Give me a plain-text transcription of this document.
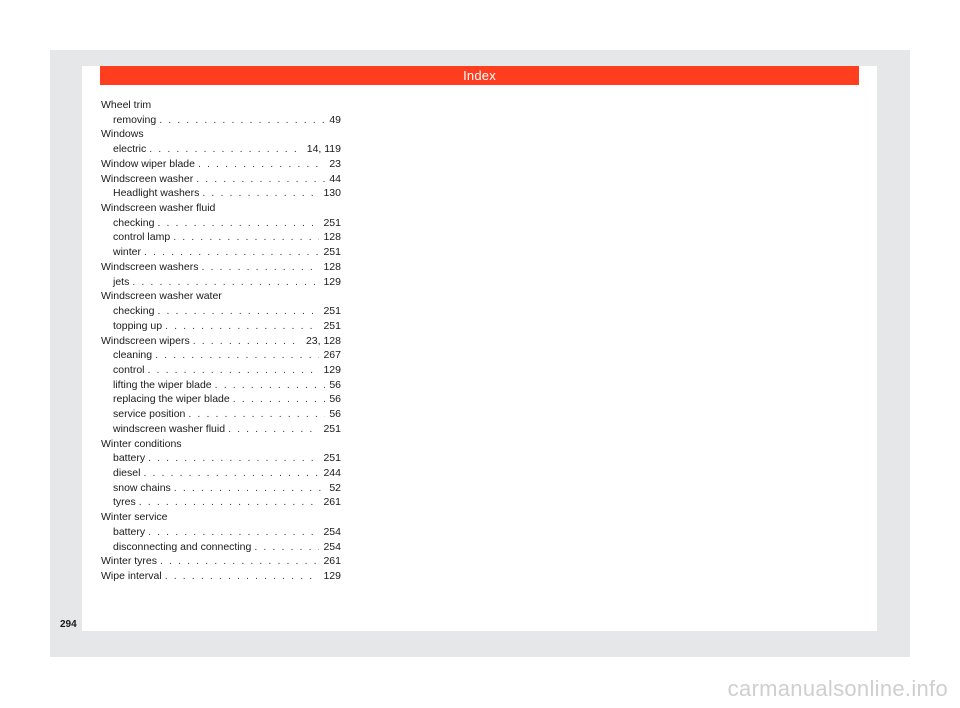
Index
Wheel trim
removing . . .	49
Windows
electric . . .	14, 119
Window wiper blade . . .	23
Windscreen washer . . .	44
Headlight washers . . .	130
Windscreen washer fluid
checking . . .	251
control lamp . . .	128
winter . . .	251
Windscreen washers . . .	128
jets . . .	129
Windscreen washer water
checking . . .	251
topping up . . .	251
Windscreen wipers . . .	23, 128
cleaning . . .	267
control . . .	129
lifting the wiper blade . . .	56
replacing the wiper blade . . .	56
service position . . .	56
windscreen washer fluid . . .	251
Winter conditions
battery . . .	251
diesel . . .	244
snow chains . . .	52
tyres . . .	261
Winter service
battery . . .	254
disconnecting and connecting . . .	254
Winter tyres . . .	261
Wipe interval . . .	129
294
carmanualsonline.info
